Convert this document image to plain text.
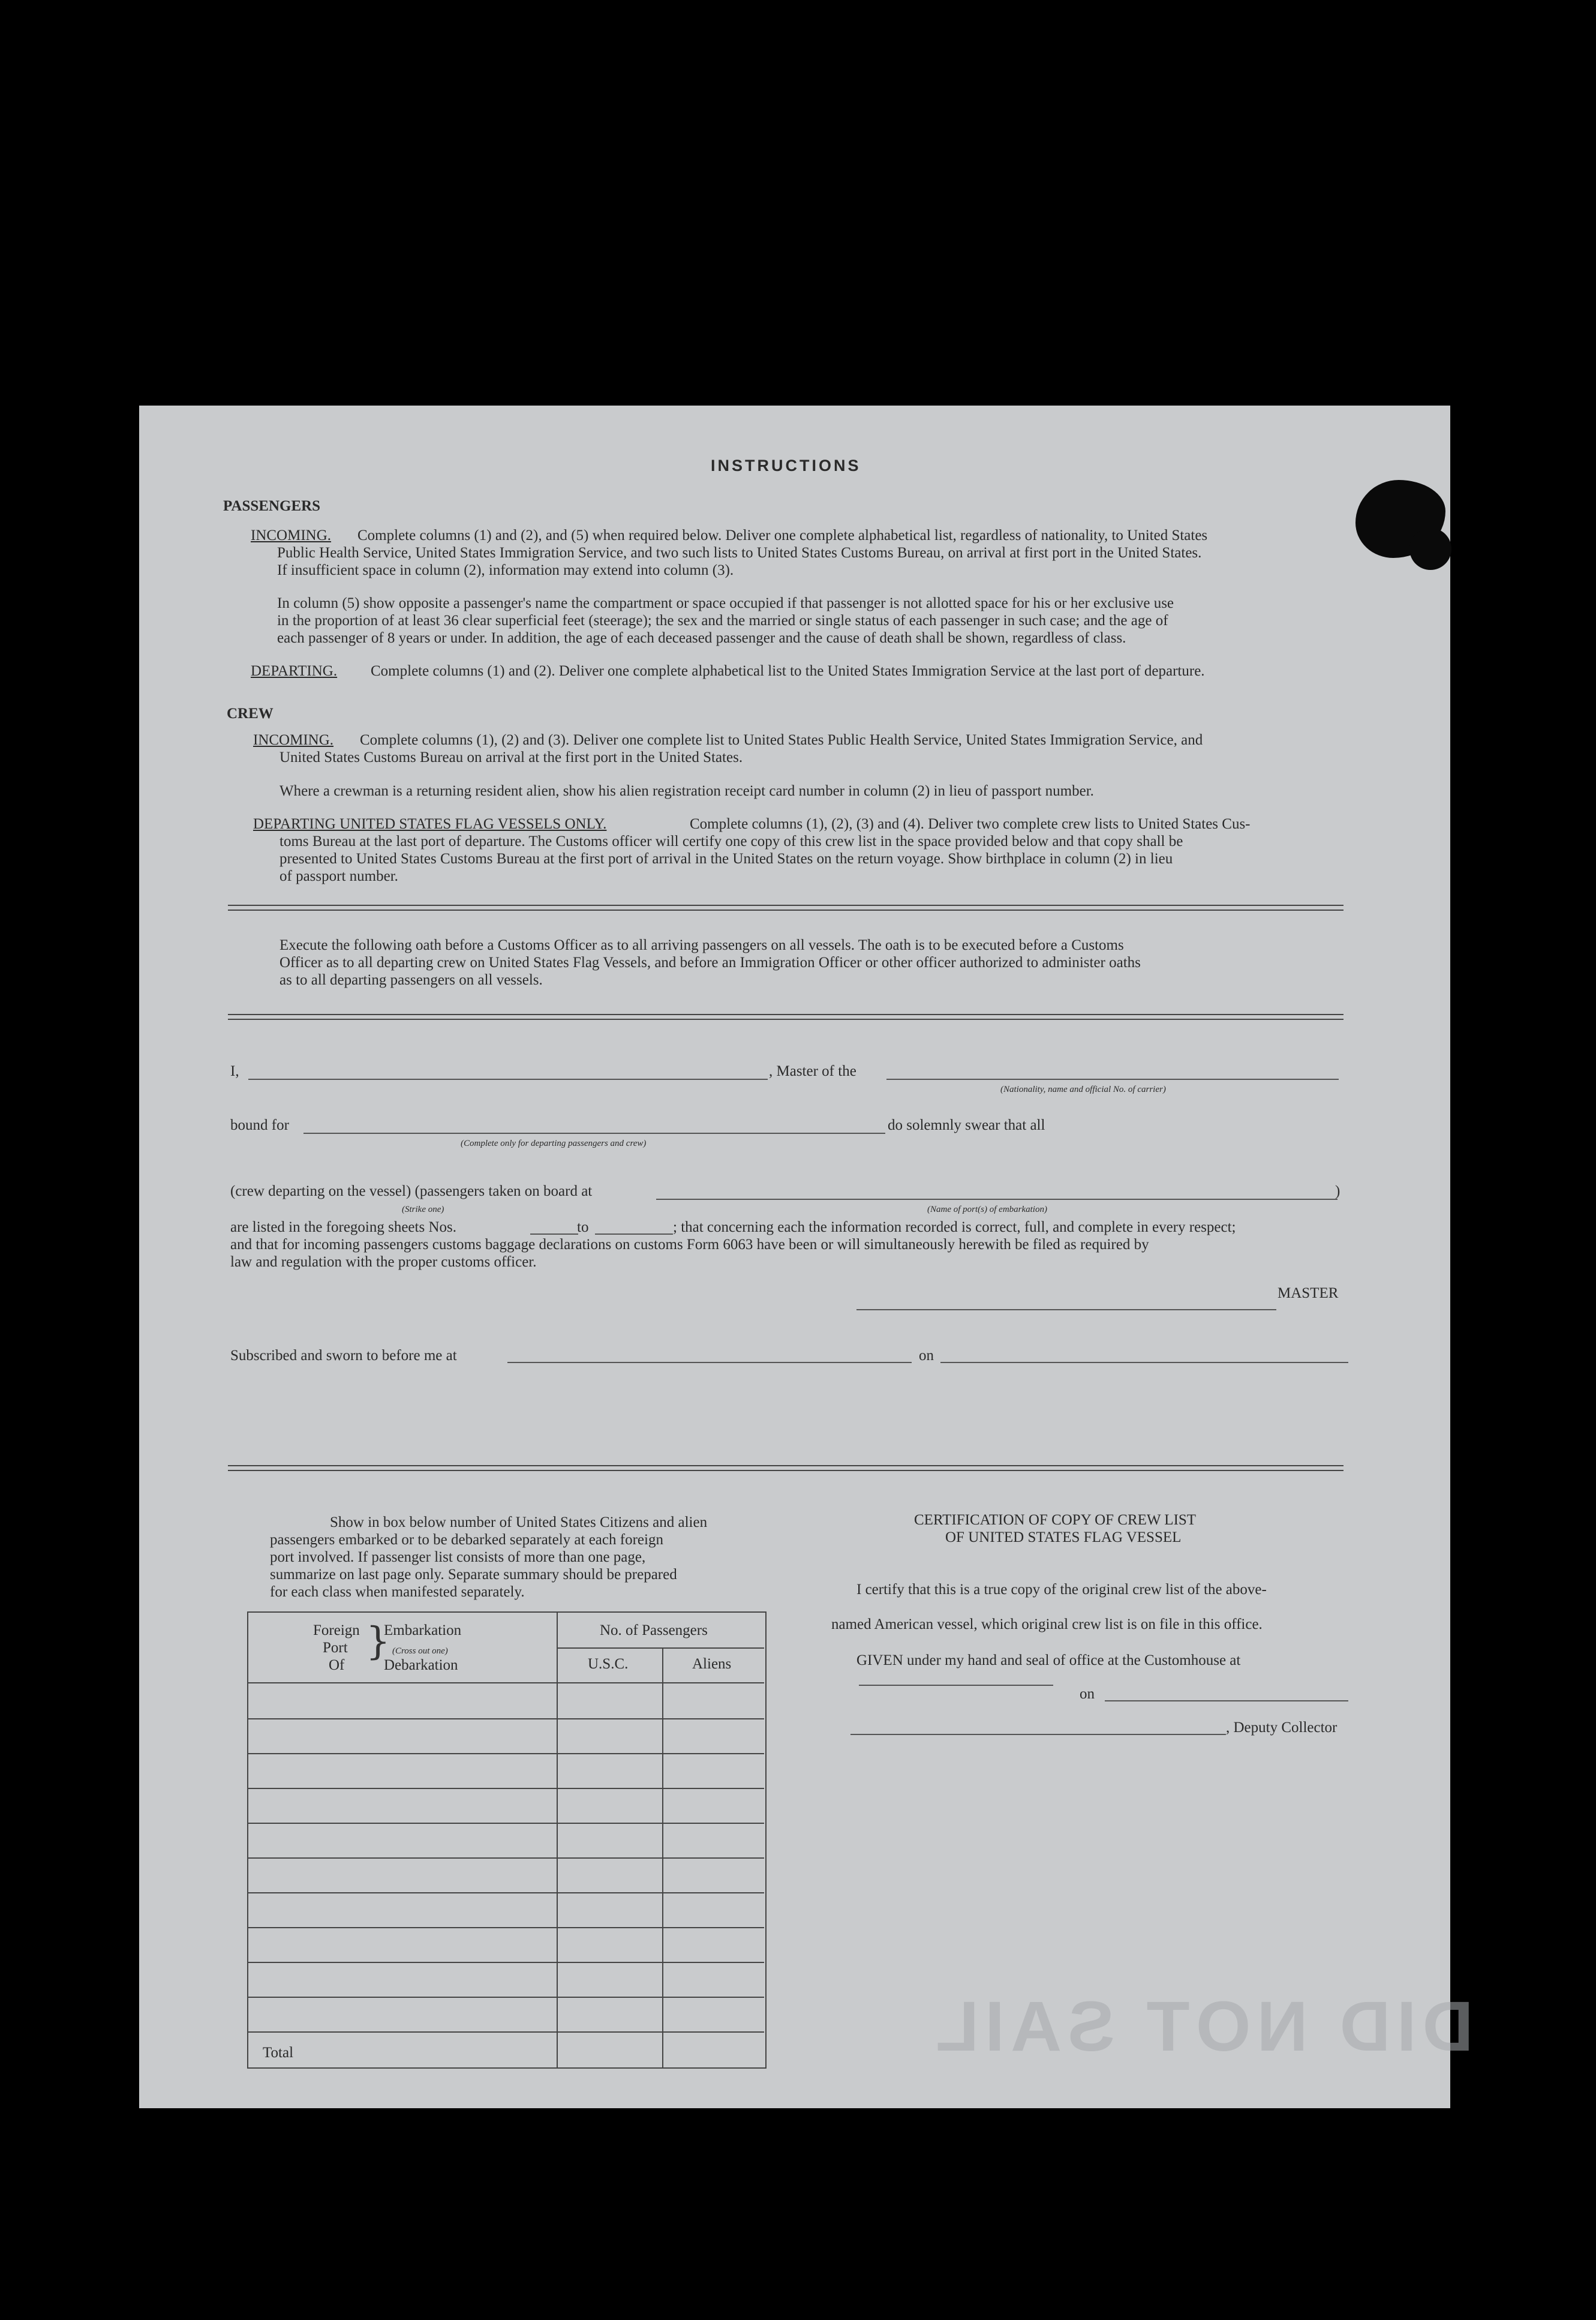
DID NOT SAIL
INSTRUCTIONS
PASSENGERS
INCOMING. Complete columns (1) and (2), and (5) when required below. Deliver one complete alphabetical list, regardless of nationality, to United States
Public Health Service, United States Immigration Service, and two such lists to United States Customs Bureau, on arrival at first port in the United States.
If insufficient space in column (2), information may extend into column (3).
In column (5) show opposite a passenger's name the compartment or space occupied if that passenger is not allotted space for his or her exclusive use
in the proportion of at least 36 clear superficial feet (steerage); the sex and the married or single status of each passenger in such case; and the age of
each passenger of 8 years or under. In addition, the age of each deceased passenger and the cause of death shall be shown, regardless of class.
DEPARTING. Complete columns (1) and (2). Deliver one complete alphabetical list to the United States Immigration Service at the last port of departure.
CREW
INCOMING. Complete columns (1), (2) and (3). Deliver one complete list to United States Public Health Service, United States Immigration Service, and
United States Customs Bureau on arrival at the first port in the United States.
Where a crewman is a returning resident alien, show his alien registration receipt card number in column (2) in lieu of passport number.
DEPARTING UNITED STATES FLAG VESSELS ONLY.	Complete columns (1), (2), (3) and (4). Deliver two complete crew lists to United States Cus-
toms Bureau at the last port of departure. The Customs officer will certify one copy of this crew list in the space provided below and that copy shall be
presented to United States Customs Bureau at the first port of arrival in the United States on the return voyage. Show birthplace in column (2) in lieu
of passport number.
Execute the following oath before a Customs Officer as to all arriving passengers on all vessels. The oath is to be executed before a Customs
Officer as to all departing crew on United States Flag Vessels, and before an Immigration Officer or other officer authorized to administer oaths
as to all departing passengers on all vessels.
I,	, Master of the
(Nationality, name and official No. of carrier)
bound for
(Complete only for departing passengers and crew)
do solemnly swear that all
(crew departing on the vessel) (passengers taken on board at	)
(Strike one)	(Name of port(s) of embarkation)
are listed in the foregoing sheets Nos.	to	; that concerning each the information recorded is correct, full, and complete in every respect;
and that for incoming passengers customs baggage declarations on customs Form 6063 have been or will simultaneously herewith be filed as required by
law and regulation with the proper customs officer.
MASTER
Subscribed and sworn to before me at	on
Show in box below number of United States Citizens and alien
passengers embarked or to be debarked separately at each foreign
port involved. If passenger list consists of more than one page,
summarize on last page only. Separate summary should be prepared
for each class when manifested separately.
Foreign
Port
Of
}
Embarkation
(Cross out one)
Debarkation
No. of Passengers
U.S.C.	Aliens
Total
CERTIFICATION OF COPY OF CREW LIST
OF UNITED STATES FLAG VESSEL
I certify that this is a true copy of the original crew list of the above-
named American vessel, which original crew list is on file in this office.
GIVEN under my hand and seal of office at the Customhouse at
on
, Deputy Collector
